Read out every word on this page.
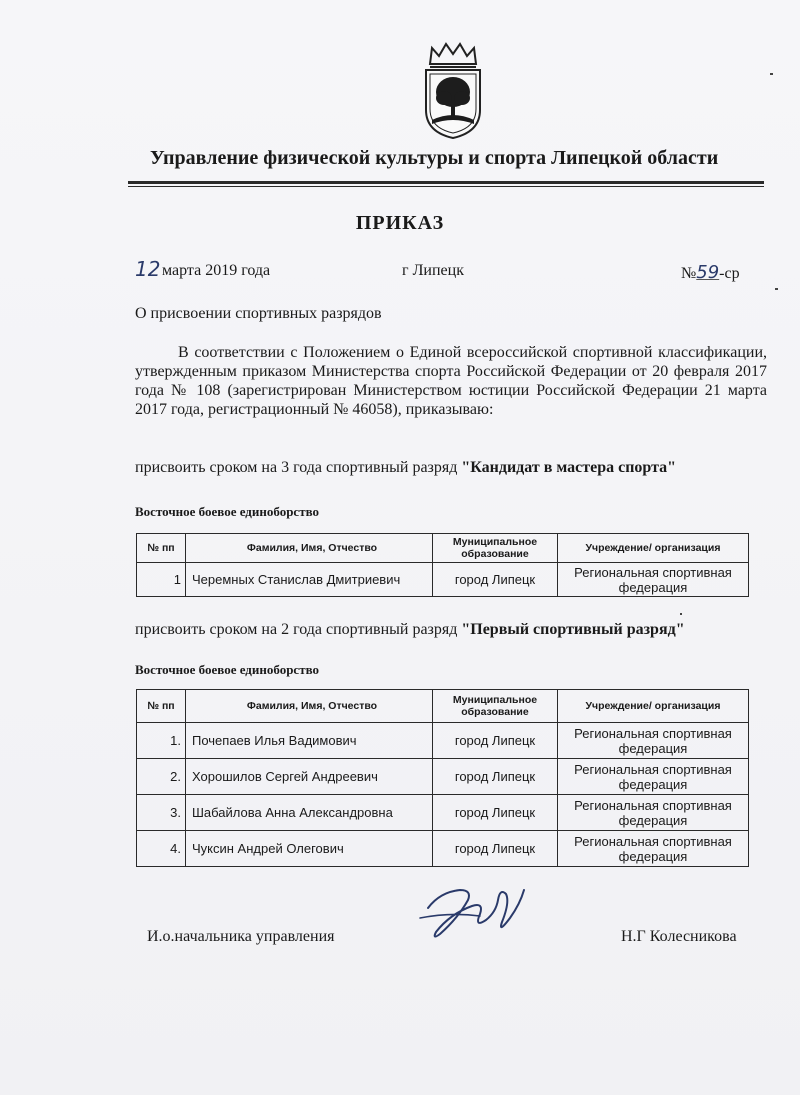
Управление физической культуры и спорта Липецкой области
ПРИКАЗ
12 марта 2019 года	г Липецк	№59-ср
О присвоении спортивных разрядов
В соответствии с Положением о Единой всероссийской спортивной классификации, утвержденным приказом Министерства спорта Российской Федерации от 20 февраля 2017 года № 108 (зарегистрирован Министерством юстиции Российской Федерации 21 марта 2017 года, регистрационный № 46058), приказываю:
присвоить сроком на 3 года спортивный разряд "Кандидат в мастера спорта"
Восточное боевое единоборство
№ пп	Фамилия, Имя, Отчество	Муниципальное образование	Учреждение/ организация
1	Черемных Станислав Дмитриевич	город Липецк	Региональная спортивная федерация
присвоить сроком на 2 года спортивный разряд "Первый спортивный разряд"
Восточное боевое единоборство
№ пп	Фамилия, Имя, Отчество	Муниципальное образование	Учреждение/ организация
1.	Почепаев Илья Вадимович	город Липецк	Региональная спортивная федерация
2.	Хорошилов Сергей Андреевич	город Липецк	Региональная спортивная федерация
3.	Шабайлова Анна Александровна	город Липецк	Региональная спортивная федерация
4.	Чуксин Андрей Олегович	город Липецк	Региональная спортивная федерация
И.о.начальника управления	Н.Г Колесникова
